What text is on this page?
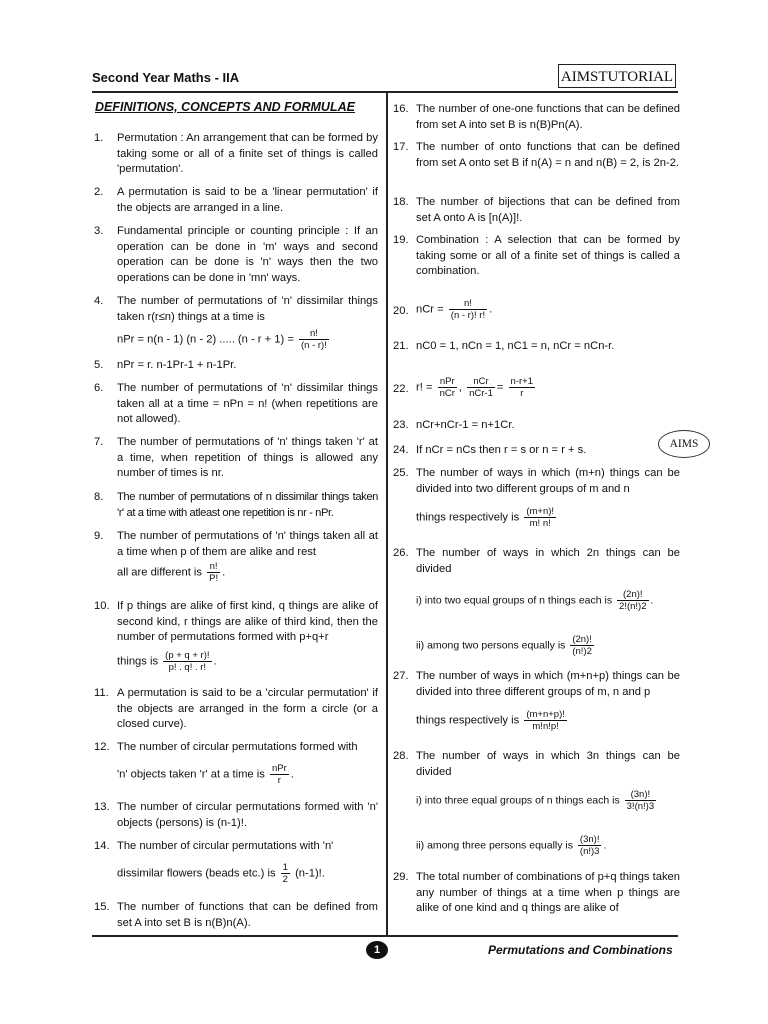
Second Year Maths - IIA	AIMSTUTORIAL
DEFINITIONS, CONCEPTS AND FORMULAE
1. Permutation : An arrangement that can be formed by taking some or all of a finite set of things is called 'permutation'.
2. A permutation is said to be a 'linear permutation' if the objects are arranged in a line.
3. Fundamental principle or counting principle : If an operation can be done in 'm' ways and second operation can be done is 'n' ways then the two operations can be done in 'mn' ways.
4. The number of permutations of 'n' dissimilar things taken r(r≤n) things at a time is
nPr = n(n - 1) (n - 2) ..... $(n - r + 1) = \frac{n!}{(n - r)!}$
5. nPr = r. n-1Pr-1 + n-1Pr.
6. The number of permutations of 'n' dissimilar things taken all at a time = nPn = n! (when repetitions are not allowed).
7. The number of permutations of 'n' things taken 'r' at a time, when repetition of things is allowed any number of times is nr.
8. The number of permutations of n dissimilar things taken 'r' at a time with atleast one repetition is nr - nPr.
9. The number of permutations of 'n' things taken all at a time when p of them are alike and rest
all are different is $\frac{n!}{P!}$ .
10. If p things are alike of first kind, q things are alike of second kind, r things are alike of third kind, then the number of permutations formed with p+q+r
things is $\frac{(p + q + r)!}{p! . q! . r!}$ .
11. A permutation is said to be a 'circular permutation' if the objects are arranged in the form a circle (or a closed curve).
12. The number of circular permutations formed with
'n' objects taken 'r' at a time is $\frac{\text{nPr}}{r}$ .
13. The number of circular permutations formed with 'n' objects (persons) is (n-1)!.
14. The number of circular permutations with 'n'
dissimilar flowers (beads etc.) is $\frac{1}{2} (n-1)$!.
15. The number of functions that can be defined from set A into set B is n(B)n(A).
16. The number of one-one functions that can be defined from set A into set B is n(B)Pn(A).
17. The number of onto functions that can be defined from set A onto set B if n(A) = n and n(B) = 2, is 2n-2.
18. The number of bijections that can be defined from set A onto A is [n(A)]!.
19. Combination : A selection that can be formed by taking some or all of a finite set of things is called a combination.
20. nCr = $\frac{n!}{(n - r)! r!}$ .
21. nC0 = 1, nCn = 1, nC1 = n, nCr = nCn-r.
22. r! = $\frac{\text{nPr}}{\text{nCr}}$ , $\frac{\text{nCr}}{\text{nCr-1}} = \frac{n-r+1}{r}$
23. nCr+nCr-1 = n+1Cr.
24. If nCr = nCs then r = s or n = r + s.
25. The number of ways in which (m+n) things can be divided into two different groups of m and n
things respectively is $\frac{(m+n)!}{m! n!}$
26. The number of ways in which 2n things can be divided
i) into two equal groups of n things each is $\frac{(2n)!}{2!(n!)2}$ .
ii) among two persons equally is $\frac{(2n)!}{(n!)2}$
27. The number of ways in which (m+n+p) things can be divided into three different groups of m, n and p
things respectively is $\frac{(m+n+p)!}{m!n!p!}$
28. The number of ways in which 3n things can be divided
i) into three equal groups of n things each is $\frac{(3n)!}{3!(n!)3}$
ii) among three persons equally is $\frac{(3n)!}{(n!)3}$ .
29. The total number of combinations of p+q things taken any number of things at a time when p things are alike of one kind and q things are alike of
AIMS
1	Permutations and Combinations
